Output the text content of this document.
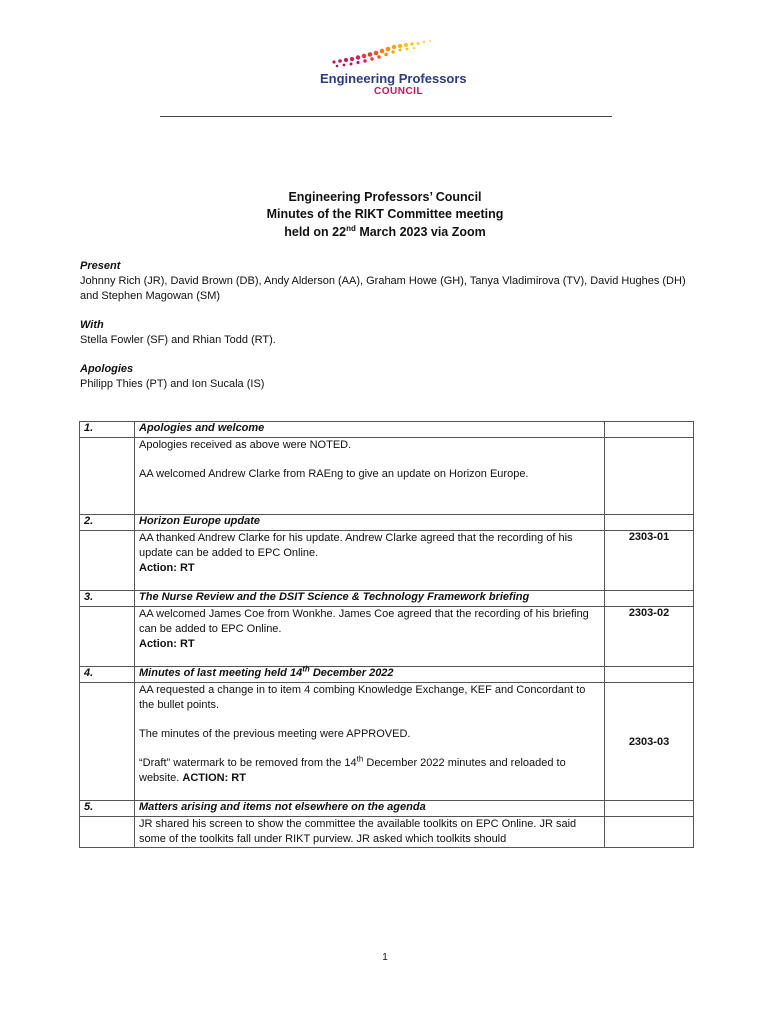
Engineering Professors
COUNCIL
Engineering Professors’ Council
Minutes of the RIKT Committee meeting
held on 22nd March 2023 via Zoom
Present
Johnny Rich (JR), David Brown (DB), Andy Alderson (AA), Graham Howe (GH), Tanya Vladimirova (TV), David Hughes (DH) and Stephen Magowan (SM)
With
Stella Fowler (SF) and Rhian Todd (RT).
Apologies
Philipp Thies (PT) and Ion Sucala (IS)
1.	Apologies and welcome	

	Apologies received as above were NOTED.

AA welcomed Andrew Clarke from RAEng to give an update on Horizon Europe.	

2.	Horizon Europe update	

	AA thanked Andrew Clarke for his update. Andrew Clarke agreed that the recording of his update can be added to EPC Online.
Action: RT	2303-01

3.	The Nurse Review and the DSIT Science & Technology Framework briefing	

	AA welcomed James Coe from Wonkhe. James Coe agreed that the recording of his briefing can be added to EPC Online.
Action: RT	2303-02

4.	Minutes of last meeting held 14th December 2022	

	AA requested a change in to item 4 combing Knowledge Exchange, KEF and Concordant to the bullet points.

The minutes of the previous meeting were APPROVED.

“Draft” watermark to be removed from the 14th December 2022 minutes and reloaded to website. ACTION: RT	2303-03

5.	Matters arising and items not elsewhere on the agenda	

	JR shared his screen to show the committee the available toolkits on EPC Online. JR said some of the toolkits fall under RIKT purview. JR asked which toolkits should	

1
